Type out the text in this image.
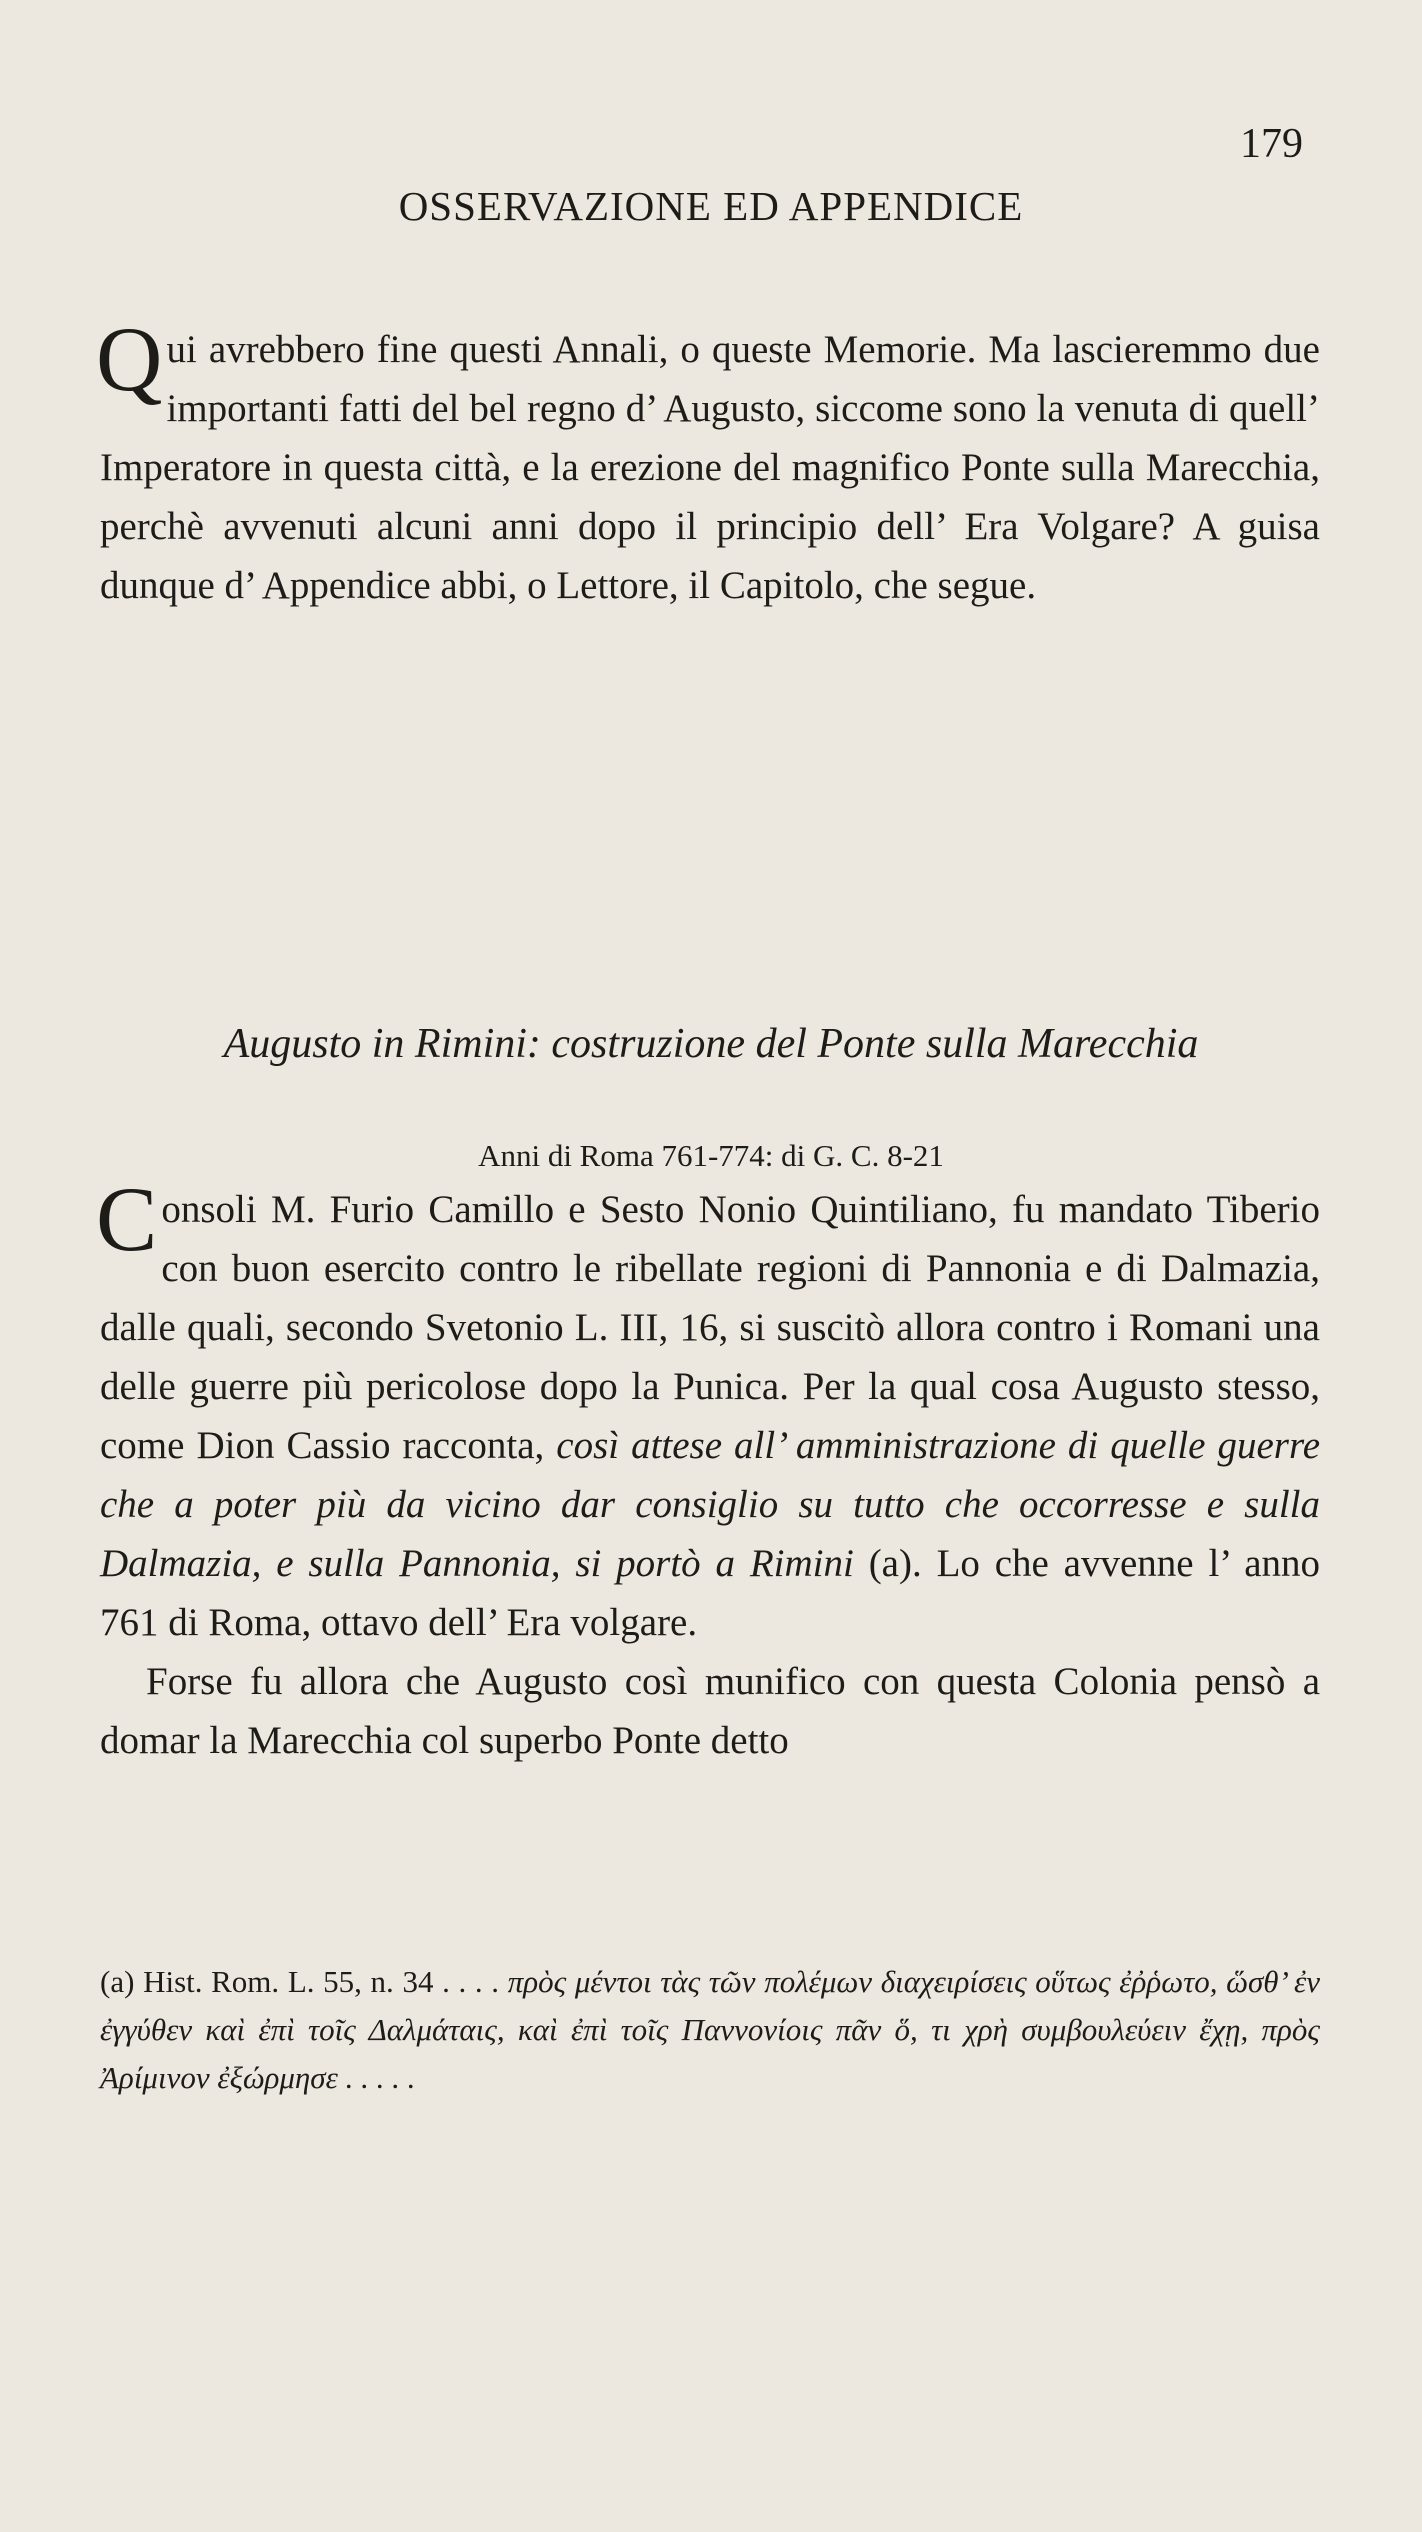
179
OSSERVAZIONE ED APPENDICE
Qui avrebbero fine questi Annali, o queste Memorie. Ma lascieremmo due importanti fatti del bel regno d’ Augusto, siccome sono la venuta di quell’ Imperatore in questa città, e la erezione del magnifico Ponte sulla Marecchia, perchè avvenuti alcuni anni dopo il principio dell’ Era Volgare? A guisa dunque d’ Appendice abbi, o Lettore, il Capitolo, che segue.
Augusto in Rimini: costruzione del Ponte sulla Marecchia
Anni di Roma 761-774: di G. C. 8-21

Consoli M. Furio Camillo e Sesto Nonio Quintiliano, fu mandato Tiberio con buon esercito contro le ribellate regioni di Pannonia e di Dalmazia, dalle quali, secondo Svetonio L. III, 16, si suscitò allora contro i Romani una delle guerre più pericolose dopo la Punica. Per la qual cosa Augusto stesso, come Dion Cassio racconta, così attese all’ amministrazione di quelle guerre che a poter più da vicino dar consiglio su tutto che occorresse e sulla Dalmazia, e sulla Pannonia, si portò a Rimini (a). Lo che avvenne l’ anno 761 di Roma, ottavo dell’ Era volgare.

Forse fu allora che Augusto così munifico con questa Colonia pensò a domar la Marecchia col superbo Ponte detto

(a) Hist. Rom. L. 55, n. 34 . . . . πρὸς μέντοι τὰς τῶν πολέμων διαχειρίσεις οὕτως ἐῤῥωτο, ὥσθ’ ἐν ἐγγύθεν καὶ ἐπὶ τοῖς Δαλμάταις, καὶ ἐπὶ τοῖς Παννονίοις πᾶν ὅ, τι χρὴ συμβουλεύειν ἔχῃ, πρὸς Ἀρίμινον ἐξώρμησε . . . . .
